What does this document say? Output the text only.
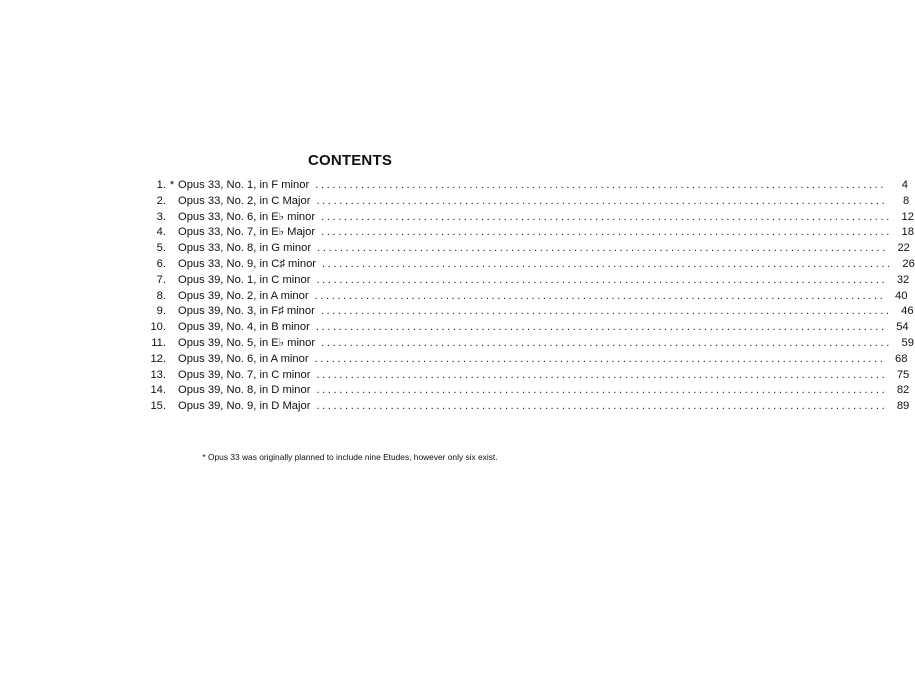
CONTENTS
1. * Opus 33, No. 1, in F minor ....................................................................................................	4
2. Opus 33, No. 2, in C Major ....................................................................................................	8
3. Opus 33, No. 6, in E♭ minor .................................................................................................... 12
4. Opus 33, No. 7, in E♭ Major .................................................................................................... 18
5. Opus 33, No. 8, in G minor .................................................................................................... 22
6. Opus 33, No. 9, in C♯ minor .................................................................................................... 26
7. Opus 39, No. 1, in C minor .................................................................................................... 32
8. Opus 39, No. 2, in A minor .................................................................................................... 40
9. Opus 39, No. 3, in F♯ minor .................................................................................................... 46
10. Opus 39, No. 4, in B minor .................................................................................................... 54
11. Opus 39, No. 5, in E♭ minor .................................................................................................... 59
12. Opus 39, No. 6, in A minor .................................................................................................... 68
13. Opus 39, No. 7, in C minor .................................................................................................... 75
14. Opus 39, No. 8, in D minor .................................................................................................... 82
15. Opus 39, No. 9, in D Major .................................................................................................... 89
* Opus 33 was originally planned to include nine Etudes, however only six exist.
